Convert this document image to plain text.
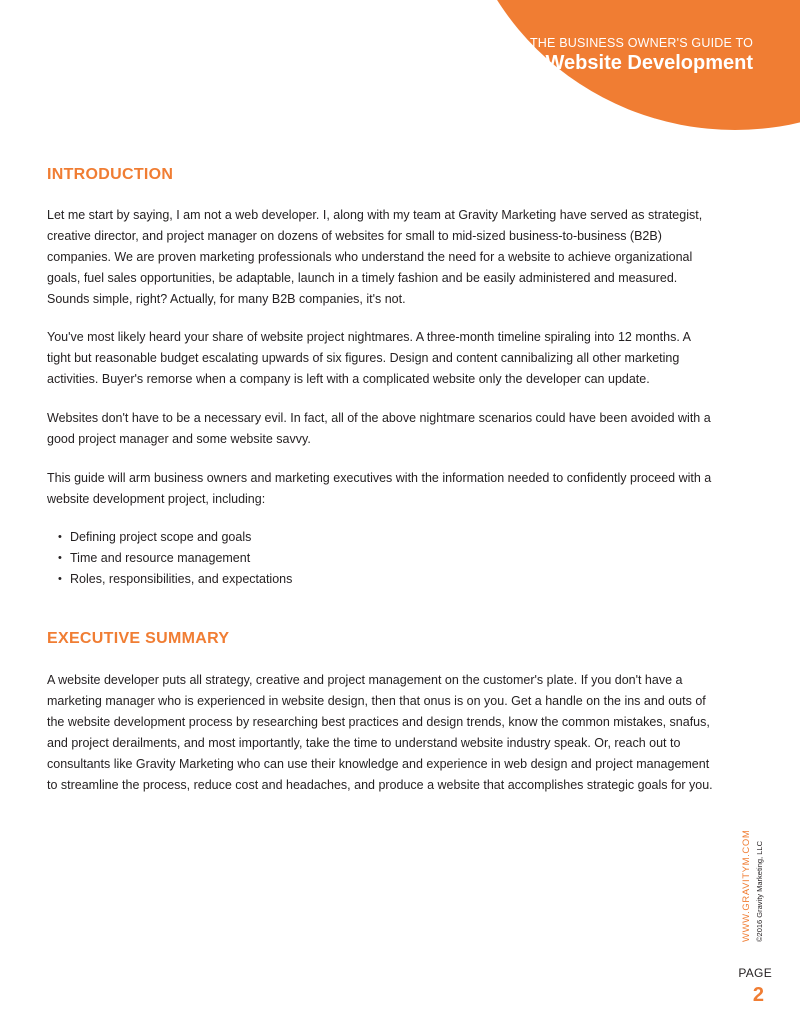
THE BUSINESS OWNER'S GUIDE TO
Website Development
INTRODUCTION

Let me start by saying, I am not a web developer. I, along with my team at Gravity Marketing have served as strategist, creative director, and project manager on dozens of websites for small to mid-sized business-to-business (B2B) companies. We are proven marketing professionals who understand the need for a website to achieve organizational goals, fuel sales opportunities, be adaptable, launch in a timely fashion and be easily administered and measured. Sounds simple, right? Actually, for many B2B companies, it's not.

You've most likely heard your share of website project nightmares. A three-month timeline spiraling into 12 months. A tight but reasonable budget escalating upwards of six figures. Design and content cannibalizing all other marketing activities. Buyer's remorse when a company is left with a complicated website only the developer can update.

Websites don't have to be a necessary evil. In fact, all of the above nightmare scenarios could have been avoided with a good project manager and some website savvy.

This guide will arm business owners and marketing executives with the information needed to confidently proceed with a website development project, including:

• Defining project scope and goals
• Time and resource management
• Roles, responsibilities, and expectations
EXECUTIVE SUMMARY

A website developer puts all strategy, creative and project management on the customer's plate. If you don't have a marketing manager who is experienced in website design, then that onus is on you. Get a handle on the ins and outs of the website development process by researching best practices and design trends, know the common mistakes, snafus, and project derailments, and most importantly, take the time to understand website industry speak. Or, reach out to consultants like Gravity Marketing who can use their knowledge and experience in web design and project management to streamline the process, reduce cost and headaches, and produce a website that accomplishes strategic goals for you.

WWW.GRAVITYM.COM ©2016 Gravity Marketing, LLC
PAGE
2
